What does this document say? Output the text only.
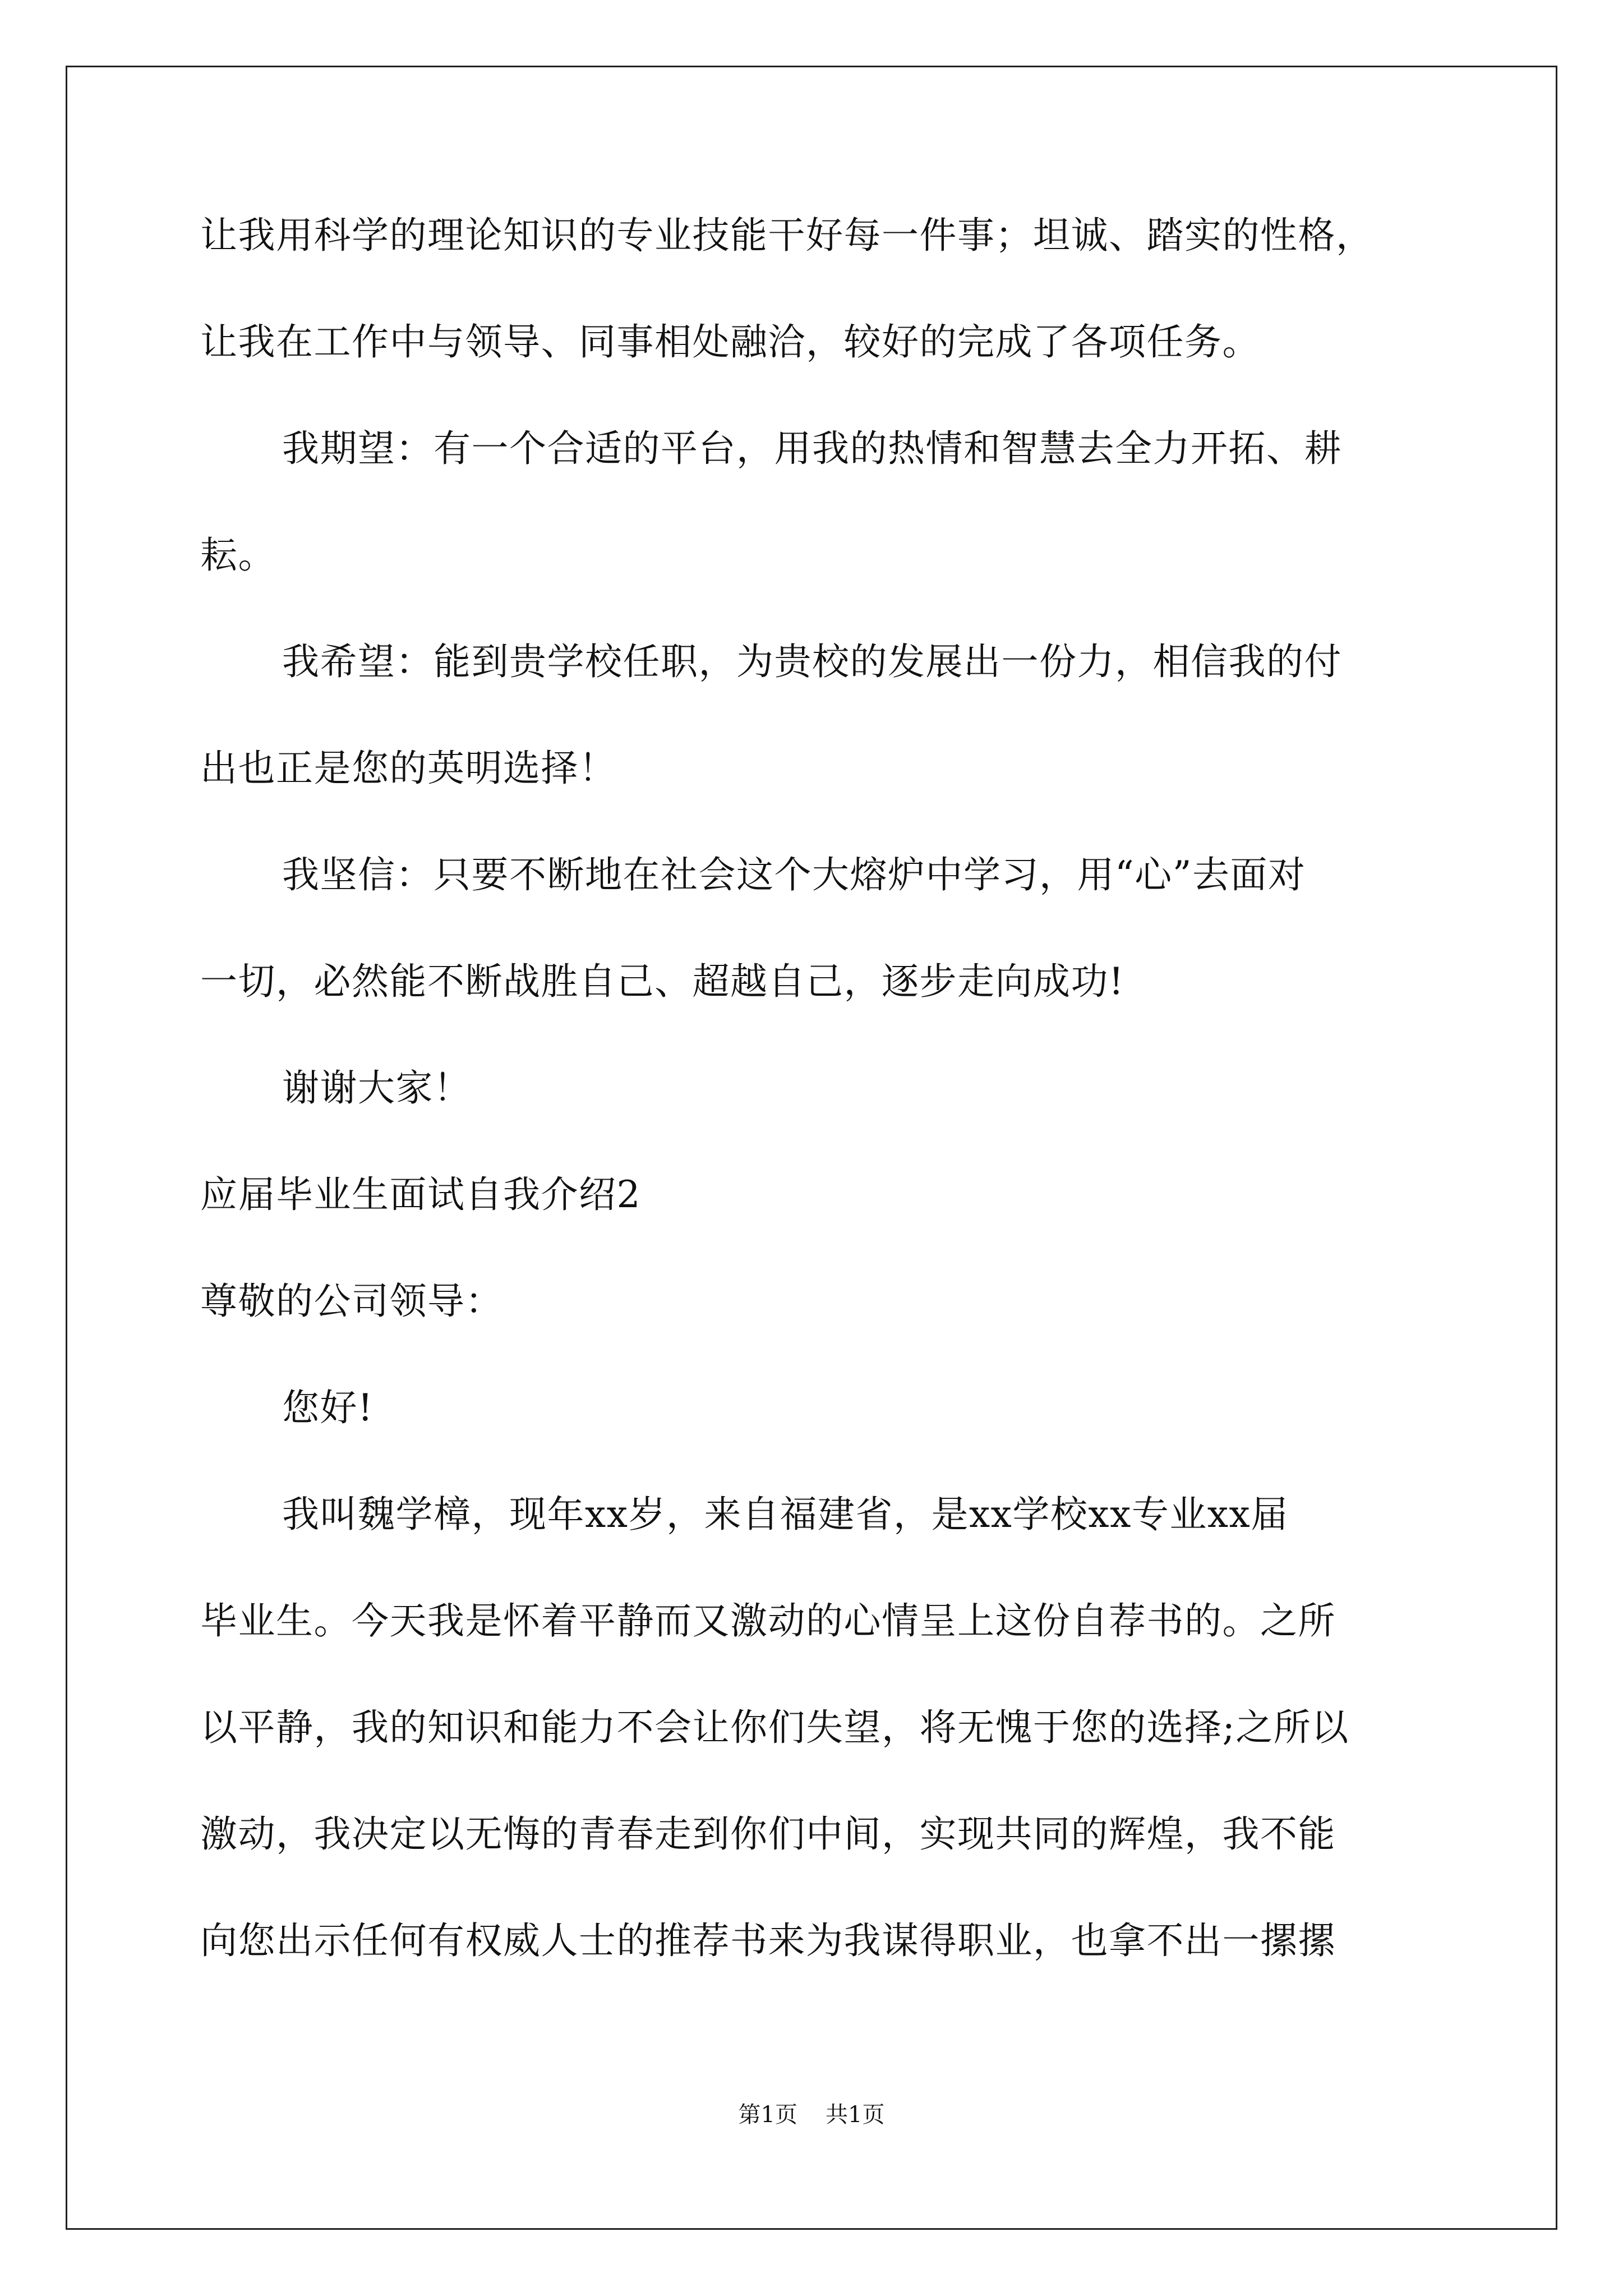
让我用科学的理论知识的专业技能干好每一件事；坦诚、踏实的性格，
让我在工作中与领导、同事相处融洽，较好的完成了各项任务。
我期望：有一个合适的平台，用我的热情和智慧去全力开拓、耕
耘。
我希望：能到贵学校任职，为贵校的发展出一份力，相信我的付
出也正是您的英明选择！
我坚信：只要不断地在社会这个大熔炉中学习，用“心”去面对
一切，必然能不断战胜自己、超越自己，逐步走向成功!
谢谢大家！
应届毕业生面试自我介绍2
尊敬的公司领导：
您好!
我叫魏学樟，现年xx岁，来自福建省，是xx学校xx专业xx届
毕业生。今天我是怀着平静而又激动的心情呈上这份自荐书的。之所
以平静，我的知识和能力不会让你们失望，将无愧于您的选择;之所以
激动，我决定以无悔的青春走到你们中间，实现共同的辉煌，我不能
向您出示任何有权威人士的推荐书来为我谋得职业，也拿不出一摞摞
第1页 共1页
